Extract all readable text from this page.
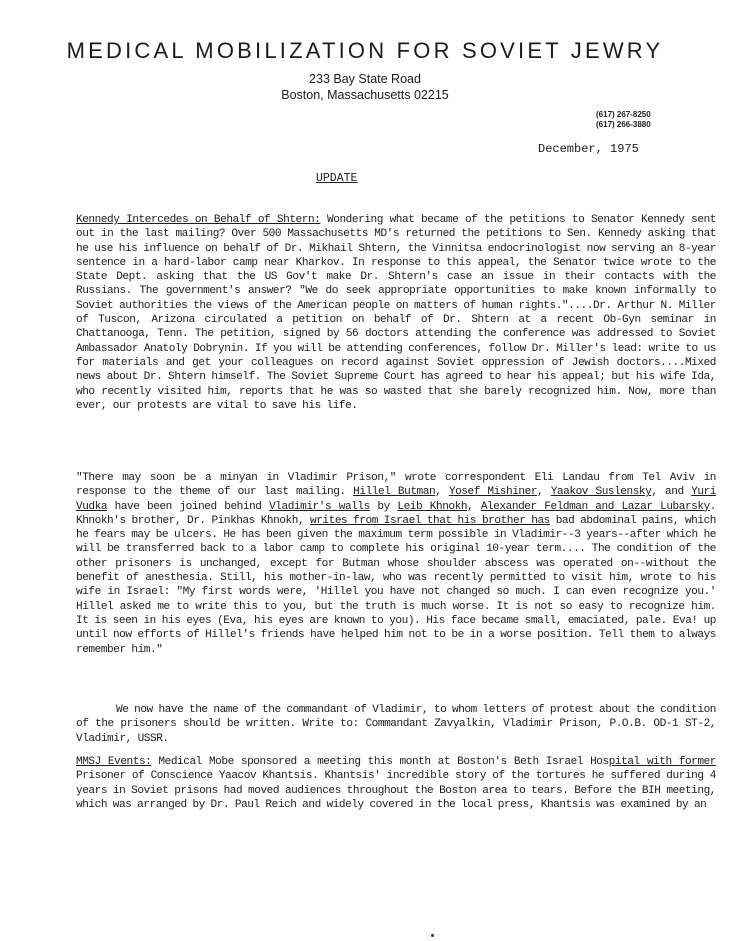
MEDICAL MOBILIZATION FOR SOVIET JEWRY
233 Bay State Road
Boston, Massachusetts 02215
(617) 267-8250
(617) 266-3880
December, 1975
UPDATE

Kennedy Intercedes on Behalf of Shtern: Wondering what became of the petitions to Senator Kennedy sent out in the last mailing? Over 500 Massachusetts MD's returned the petitions to Sen. Kennedy asking that he use his influence on behalf of Dr. Mikhail Shtern, the Vinnitsa endocrinologist now serving an 8-year sentence in a hard-labor camp near Kharkov. In response to this appeal, the Senator twice wrote to the State Dept. asking that the US Gov't make Dr. Shtern's case an issue in their contacts with the Russians. The government's answer? "We do seek appropriate opportunities to make known informally to Soviet authorities the views of the American people on matters of human rights."....Dr. Arthur N. Miller of Tuscon, Arizona circulated a petition on behalf of Dr. Shtern at a recent Ob-Gyn seminar in Chattanooga, Tenn. The petition, signed by 56 doctors attending the conference was addressed to Soviet Ambassador Anatoly Dobrynin. If you will be attending conferences, follow Dr. Miller's lead: write to us for materials and get your colleagues on record against Soviet oppression of Jewish doctors....Mixed news about Dr. Shtern himself. The Soviet Supreme Court has agreed to hear his appeal; but his wife Ida, who recently visited him, reports that he was so wasted that she barely recognized him. Now, more than ever, our protests are vital to save his life.

"There may soon be a minyan in Vladimir Prison," wrote correspondent Eli Landau from Tel Aviv in response to the theme of our last mailing. Hillel Butman, Yosef Mishiner, Yaakov Suslensky, and Yuri Vudka have been joined behind Vladimir's walls by Leib Khnokh, Alexander Feldman and Lazar Lubarsky. Khnokh's brother, Dr. Pinkhas Khnokh, writes from Israel that his brother has bad abdominal pains, which he fears may be ulcers. He has been given the maximum term possible in Vladimir--3 years--after which he will be transferred back to a labor camp to complete his original 10-year term.... The condition of the other prisoners is unchanged, except for Butman whose shoulder abscess was operated on--without the benefit of anesthesia. Still, his mother-in-law, who was recently permitted to visit him, wrote to his wife in Israel: "My first words were, 'Hillel you have not changed so much. I can even recognize you.' Hillel asked me to write this to you, but the truth is much worse. It is not so easy to recognize him. It is seen in his eyes (Eva, his eyes are known to you). His face became small, emaciated, pale. Eva! up until now efforts of Hillel's friends have helped him not to be in a worse position. Tell them to always remember him."

We now have the name of the commandant of Vladimir, to whom letters of protest about the condition of the prisoners should be written. Write to: Commandant Zavyalkin, Vladimir Prison, P.O.B. OD-1 ST-2, Vladimir, USSR.

MMSJ Events: Medical Mobe sponsored a meeting this month at Boston's Beth Israel Hospital with former Prisoner of Conscience Yaacov Khantsis. Khantsis' incredible story of the tortures he suffered during 4 years in Soviet prisons had moved audiences throughout the Boston area to tears. Before the BIH meeting, which was arranged by Dr. Paul Reich and widely covered in the local press, Khantsis was examined by an
